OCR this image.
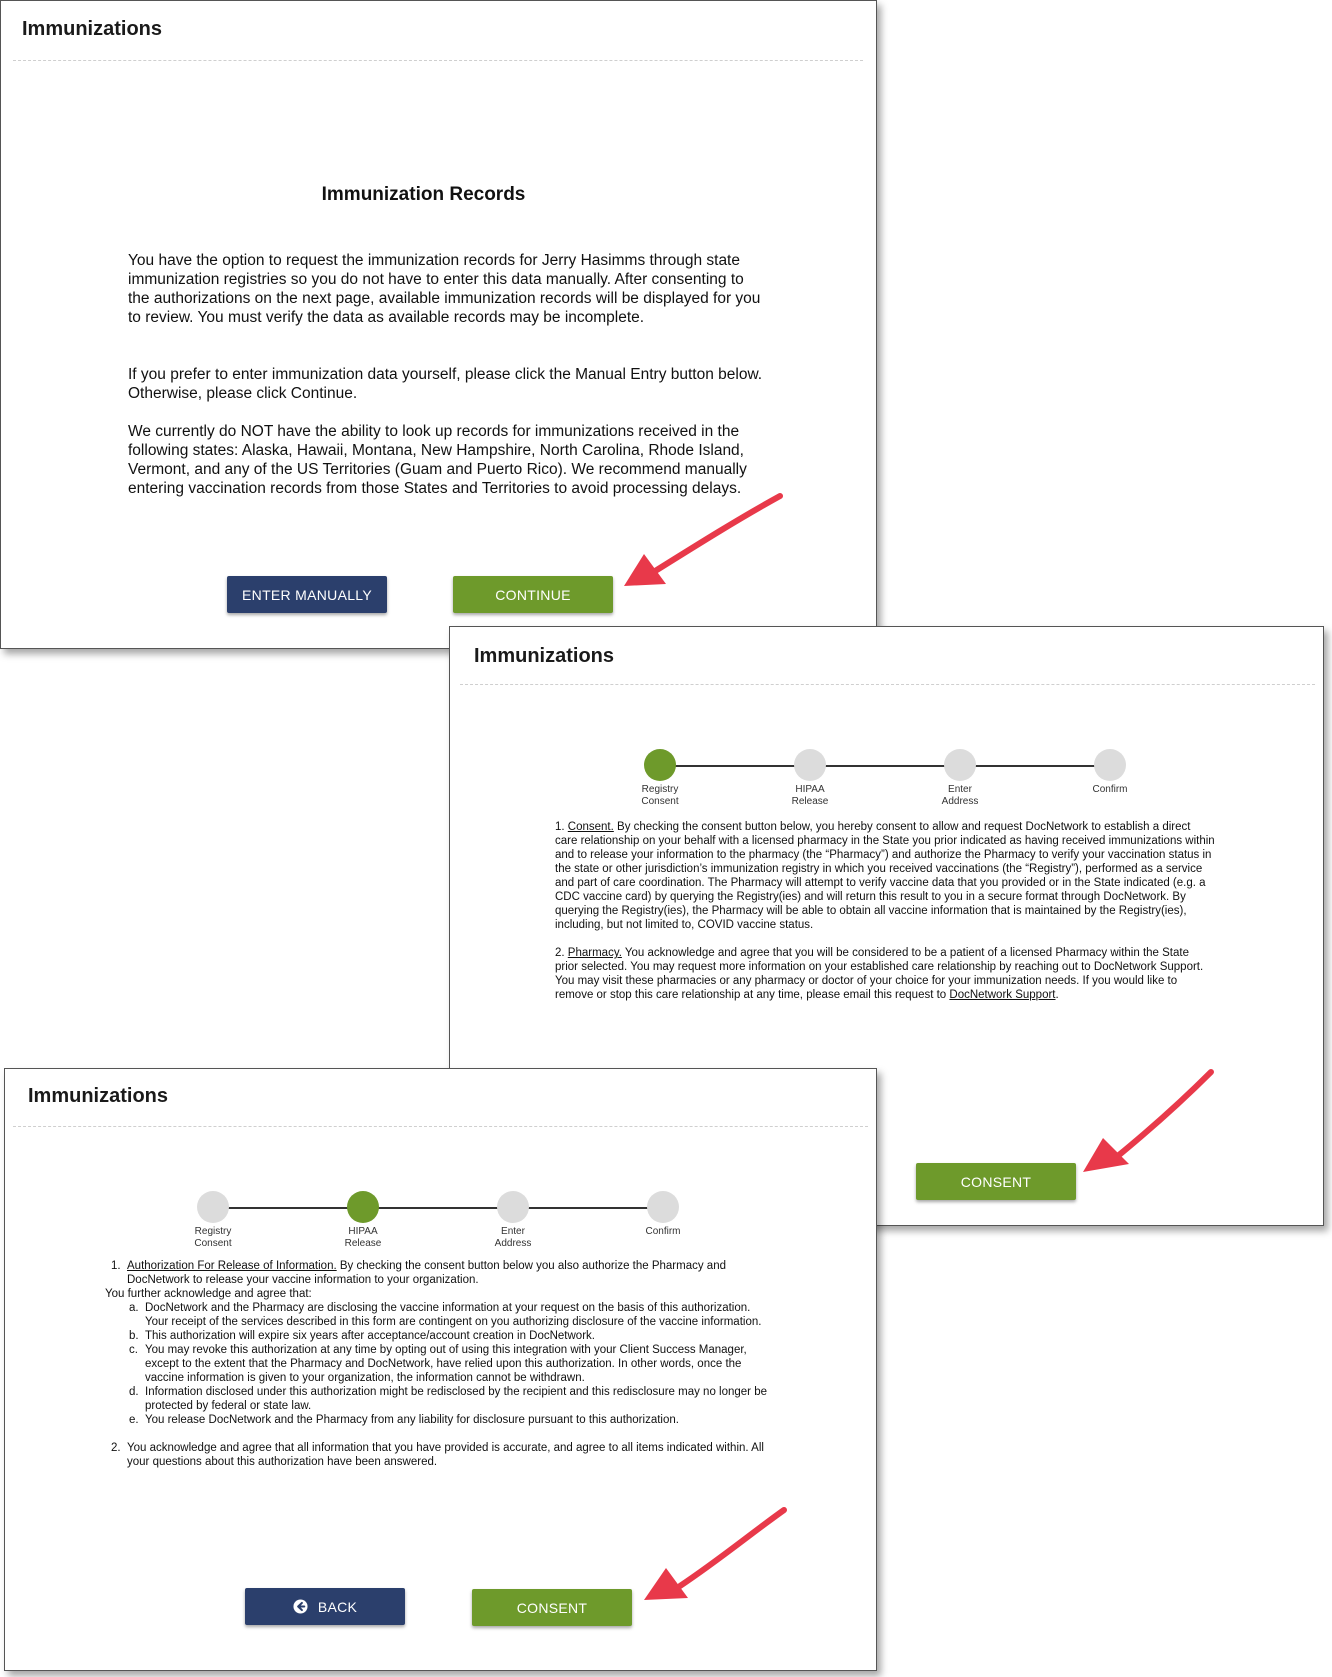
Immunizations
Immunization Records
You have the option to request the immunization records for Jerry Hasimms through state immunization registries so you do not have to enter this data manually. After consenting to the authorizations on the next page, available immunization records will be displayed for you to review. You must verify the data as available records may be incomplete.
If you prefer to enter immunization data yourself, please click the Manual Entry button below. Otherwise, please click Continue.
We currently do NOT have the ability to look up records for immunizations received in the following states: Alaska, Hawaii, Montana, New Hampshire, North Carolina, Rhode Island, Vermont, and any of the US Territories (Guam and Puerto Rico). We recommend manually entering vaccination records from those States and Territories to avoid processing delays.
ENTER MANUALLY	CONTINUE
Immunizations
Registry
Consent
HIPAA
Release
Enter
Address
Confirm

1. Consent. By checking the consent button below, you hereby consent to allow and request DocNetwork to establish a direct care relationship on your behalf with a licensed pharmacy in the State you prior indicated as having received immunizations within and to release your information to the pharmacy (the “Pharmacy”) and authorize the Pharmacy to verify your vaccination status in the state or other jurisdiction’s immunization registry in which you received vaccinations (the “Registry”), performed as a service and part of care coordination. The Pharmacy will attempt to verify vaccine data that you provided or in the State indicated (e.g. a CDC vaccine card) by querying the Registry(ies) and will return this result to you in a secure format through DocNetwork. By querying the Registry(ies), the Pharmacy will be able to obtain all vaccine information that is maintained by the Registry(ies), including, but not limited to, COVID vaccine status.

2. Pharmacy. You acknowledge and agree that you will be considered to be a patient of a licensed Pharmacy within the State prior selected. You may request more information on your established care relationship by reaching out to DocNetwork Support. You may visit these pharmacies or any pharmacy or doctor of your choice for your immunization needs. If you would like to remove or stop this care relationship at any time, please email this request to DocNetwork Support.

CONSENT
Immunizations
Registry
Consent
HIPAA
Release
Enter
Address
Confirm

1. Authorization For Release of Information. By checking the consent button below you also authorize the Pharmacy and DocNetwork to release your vaccine information to your organization.
You further acknowledge and agree that:
a. DocNetwork and the Pharmacy are disclosing the vaccine information at your request on the basis of this authorization. Your receipt of the services described in this form are contingent on you authorizing disclosure of the vaccine information.
b. This authorization will expire six years after acceptance/account creation in DocNetwork.
c. You may revoke this authorization at any time by opting out of using this integration with your Client Success Manager, except to the extent that the Pharmacy and DocNetwork, have relied upon this authorization. In other words, once the vaccine information is given to your organization, the information cannot be withdrawn.
d. Information disclosed under this authorization might be redisclosed by the recipient and this redisclosure may no longer be protected by federal or state law.
e. You release DocNetwork and the Pharmacy from any liability for disclosure pursuant to this authorization.
2. You acknowledge and agree that all information that you have provided is accurate, and agree to all items indicated within. All your questions about this authorization have been answered.
BACK	CONSENT
